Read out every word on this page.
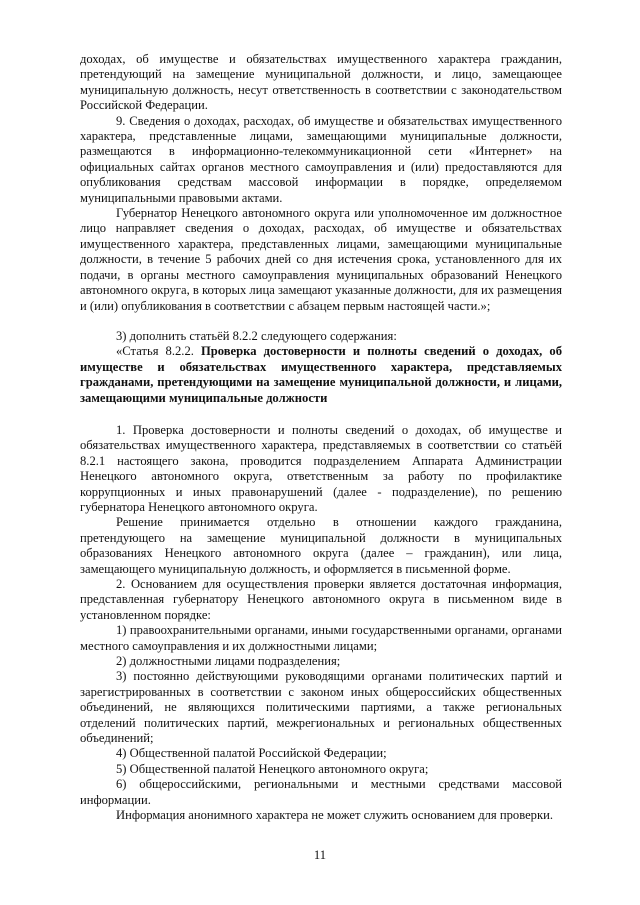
доходах, об имуществе и обязательствах имущественного характера гражданин, претендующий на замещение муниципальной должности, и лицо, замещающее муниципальную должность, несут ответственность в соответствии с законодательством Российской Федерации.

9. Сведения о доходах, расходах, об имуществе и обязательствах имущественного характера, представленные лицами, замещающими муниципальные должности, размещаются в информационно-телекоммуникационной сети «Интернет» на официальных сайтах органов местного самоуправления и (или) предоставляются для опубликования средствам массовой информации в порядке, определяемом муниципальными правовыми актами.

Губернатор Ненецкого автономного округа или уполномоченное им должностное лицо направляет сведения о доходах, расходах, об имуществе и обязательствах имущественного характера, представленных лицами, замещающими муниципальные должности, в течение 5 рабочих дней со дня истечения срока, установленного для их подачи, в органы местного самоуправления муниципальных образований Ненецкого автономного округа, в которых лица замещают указанные должности, для их размещения и (или) опубликования в соответствии с абзацем первым настоящей части.»;

3) дополнить статьёй 8.2.2 следующего содержания:

«Статья 8.2.2. Проверка достоверности и полноты сведений о доходах, об имуществе и обязательствах имущественного характера, представляемых гражданами, претендующими на замещение муниципальной должности, и лицами, замещающими муниципальные должности

1. Проверка достоверности и полноты сведений о доходах, об имуществе и обязательствах имущественного характера, представляемых в соответствии со статьёй 8.2.1 настоящего закона, проводится подразделением Аппарата Администрации Ненецкого автономного округа, ответственным за работу по профилактике коррупционных и иных правонарушений (далее - подразделение), по решению губернатора Ненецкого автономного округа.

Решение принимается отдельно в отношении каждого гражданина, претендующего на замещение муниципальной должности в муниципальных образованиях Ненецкого автономного округа (далее – гражданин), или лица, замещающего муниципальную должность, и оформляется в письменной форме.

2. Основанием для осуществления проверки является достаточная информация, представленная губернатору Ненецкого автономного округа в письменном виде в установленном порядке:

1) правоохранительными органами, иными государственными органами, органами местного самоуправления и их должностными лицами;

2) должностными лицами подразделения;

3) постоянно действующими руководящими органами политических партий и зарегистрированных в соответствии с законом иных общероссийских общественных объединений, не являющихся политическими партиями, а также региональных отделений политических партий, межрегиональных и региональных общественных объединений;

4) Общественной палатой Российской Федерации;

5) Общественной палатой Ненецкого автономного округа;

6) общероссийскими, региональными и местными средствами массовой информации.

Информация анонимного характера не может служить основанием для проверки.

11
